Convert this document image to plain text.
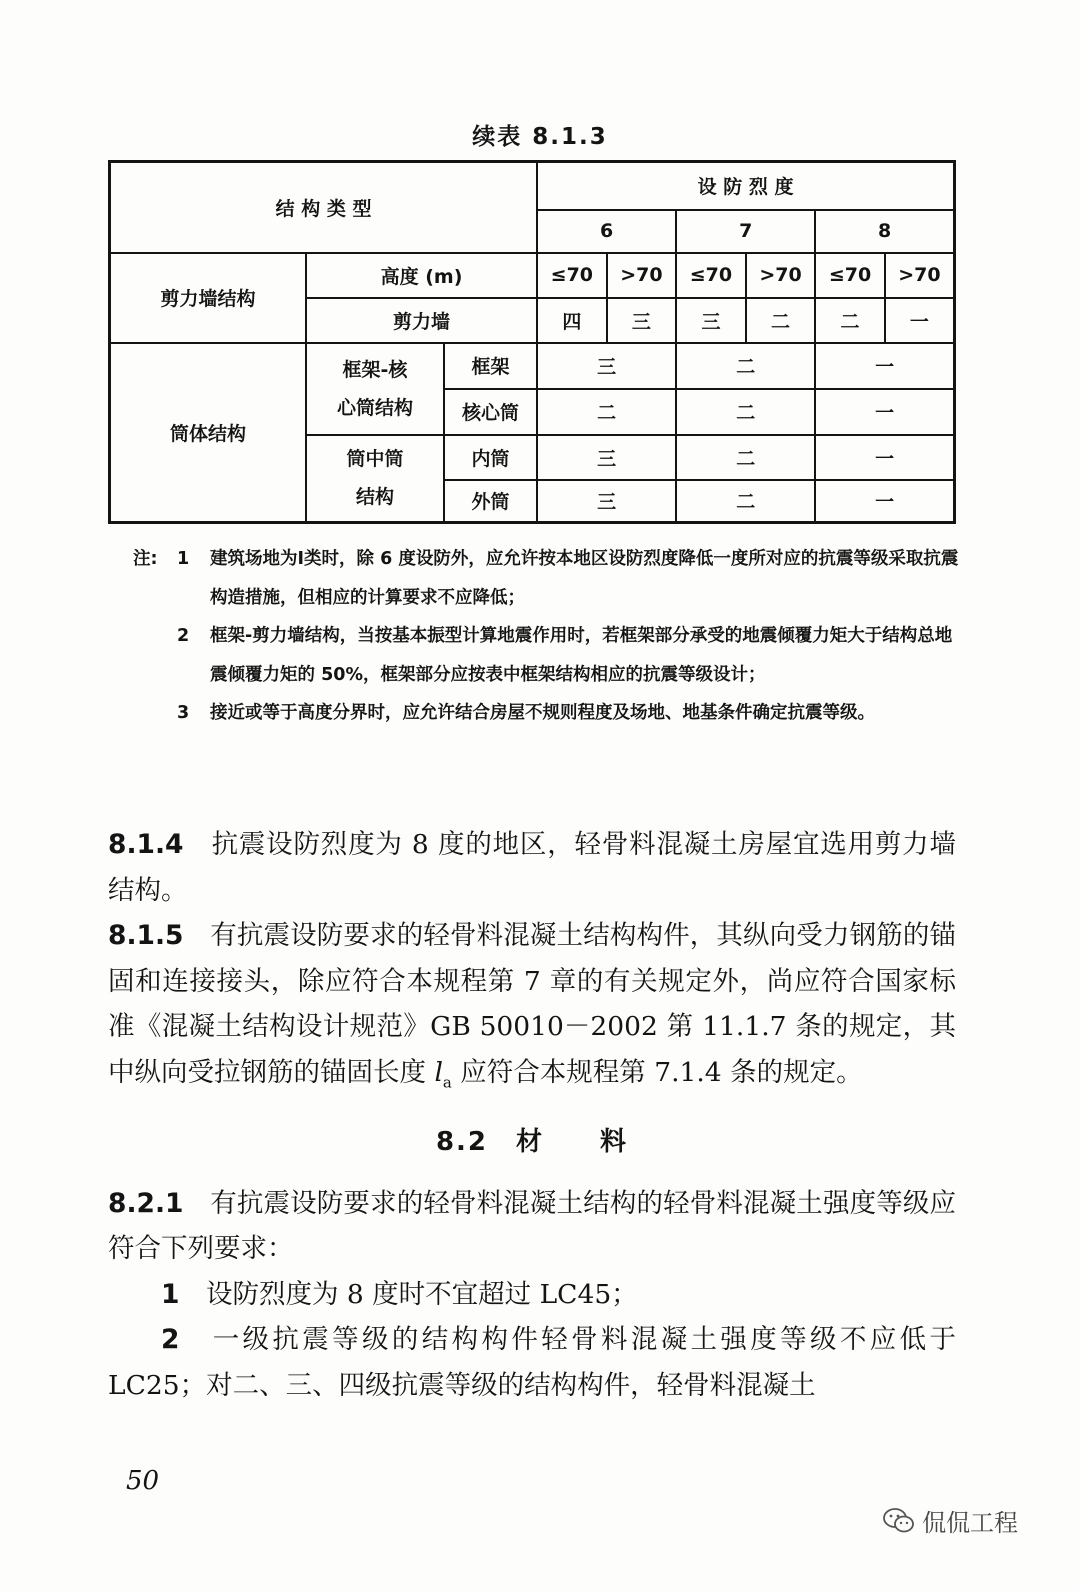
续表 8.1.3
结 构 类 型			设 防 烈 度					
			6		7		8	
剪力墙结构	高度 (m)		≤70	>70	≤70	>70	≤70	>70
	剪力墙		四	三	三	二	二	一
筒体结构	框架-核
心筒结构	框架	三		二		一	
		核心筒	二		二		一	

	筒中筒
结构	内筒	三		二		一	
		外筒	三		二		一	
注: 1 建筑场地为Ⅰ类时，除 6 度设防外，应允许按本地区设防烈度降低一度所对应的抗震等级采取抗震构造措施，但相应的计算要求不应降低；
2 框架-剪力墙结构，当按基本振型计算地震作用时，若框架部分承受的地震倾覆力矩大于结构总地震倾覆力矩的 50%，框架部分应按表中框架结构相应的抗震等级设计；
3 接近或等于高度分界时，应允许结合房屋不规则程度及场地、地基条件确定抗震等级。
8.1.4　 抗震设防烈度为 8 度的地区，轻骨料混凝土房屋宜选用剪力墙结构。
8.1.5　 有抗震设防要求的轻骨料混凝土结构构件，其纵向受力钢筋的锚固和连接接头，除应符合本规程第 7 章的有关规定外，尚应符合国家标准《混凝土结构设计规范》GB 50010－2002 第 11.1.7 条的规定，其中纵向受拉钢筋的锚固长度 $l_a$ 应符合本规程第 7.1.4 条的规定。
8.2　材　　料
8.2.1　 有抗震设防要求的轻骨料混凝土结构的轻骨料混凝土强度等级应符合下列要求：
1　 设防烈度为 8 度时不宜超过 LC45；
2　 一级抗震等级的结构构件轻骨料混凝土强度等级不应低于 LC25；对二、三、四级抗震等级的结构构件，轻骨料混凝土
50
侃侃工程
